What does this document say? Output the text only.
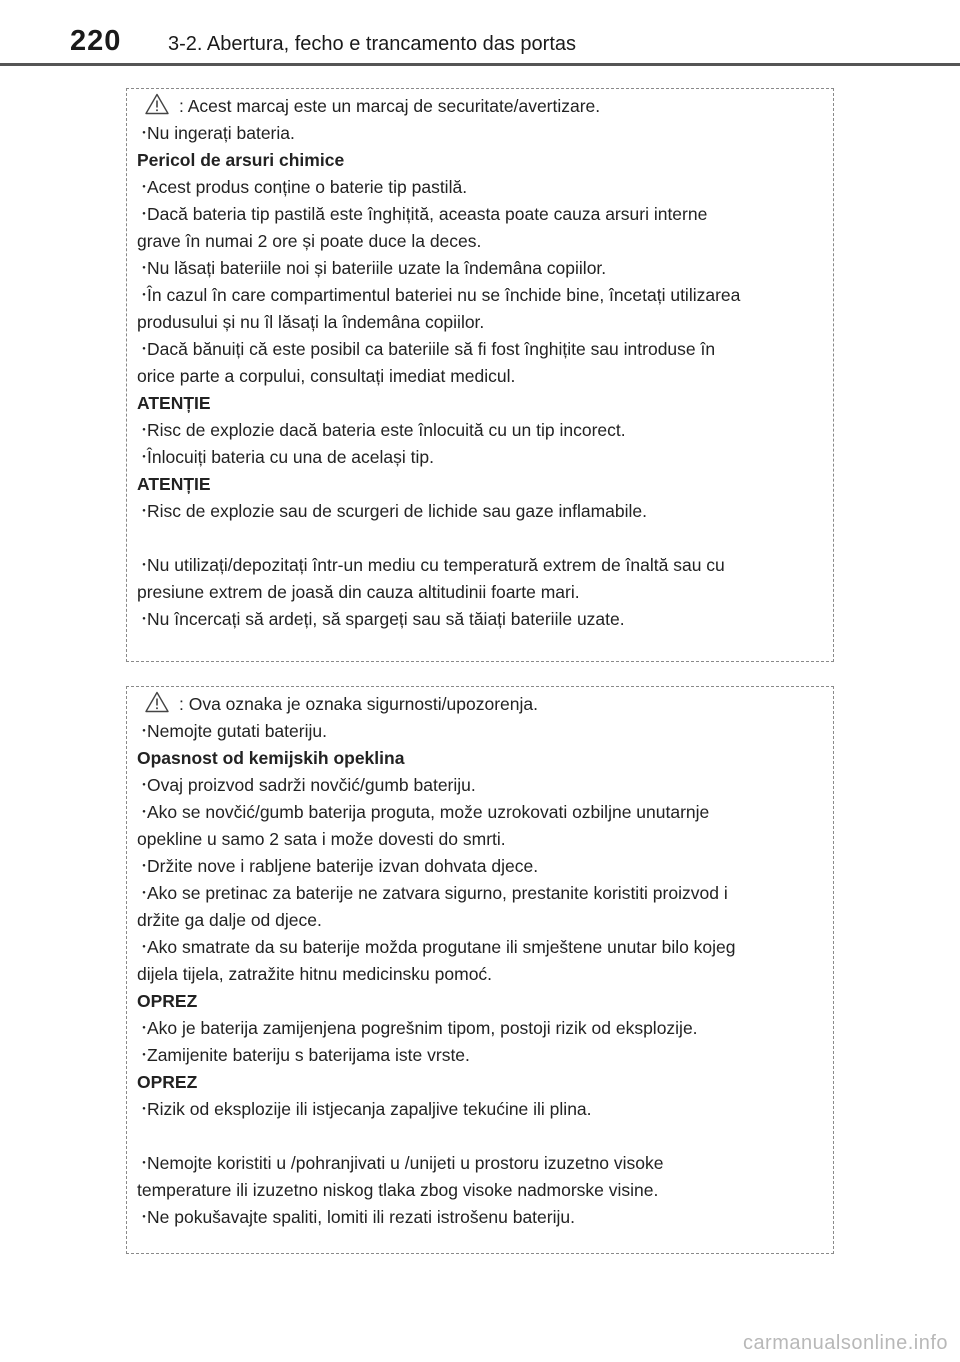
220 3-2. Abertura, fecho e trancamento das portas
: Acest marcaj este un marcaj de securitate/avertizare.
・Nu ingerați bateria.
Pericol de arsuri chimice
・Acest produs conține o baterie tip pastilă.
・Dacă bateria tip pastilă este înghițită, aceasta poate cauza arsuri interne
grave în numai 2 ore și poate duce la deces.
・Nu lăsați bateriile noi și bateriile uzate la îndemâna copiilor.
・În cazul în care compartimentul bateriei nu se închide bine, încetați utilizarea
produsului și nu îl lăsați la îndemâna copiilor.
・Dacă bănuiți că este posibil ca bateriile să fi fost înghițite sau introduse în
orice parte a corpului, consultați imediat medicul.
ATENȚIE
・Risc de explozie dacă bateria este înlocuită cu un tip incorect.
・Înlocuiți bateria cu una de același tip.
ATENȚIE
・Risc de explozie sau de scurgeri de lichide sau gaze inflamabile.
・Nu utilizați/depozitați într-un mediu cu temperatură extrem de înaltă sau cu
presiune extrem de joasă din cauza altitudinii foarte mari.
・Nu încercați să ardeți, să spargeți sau să tăiați bateriile uzate.
: Ova oznaka je oznaka sigurnosti/upozorenja.
・Nemojte gutati bateriju.
Opasnost od kemijskih opeklina
・Ovaj proizvod sadrži novčić/gumb bateriju.
・Ako se novčić/gumb baterija proguta, može uzrokovati ozbiljne unutarnje
opekline u samo 2 sata i može dovesti do smrti.
・Držite nove i rabljene baterije izvan dohvata djece.
・Ako se pretinac za baterije ne zatvara sigurno, prestanite koristiti proizvod i
držite ga dalje od djece.
・Ako smatrate da su baterije možda progutane ili smještene unutar bilo kojeg
dijela tijela, zatražite hitnu medicinsku pomoć.
OPREZ
・Ako je baterija zamijenjena pogrešnim tipom, postoji rizik od eksplozije.
・Zamijenite bateriju s baterijama iste vrste.
OPREZ
・Rizik od eksplozije ili istjecanja zapaljive tekućine ili plina.
・Nemojte koristiti u /pohranjivati u /unijeti u prostoru izuzetno visoke
temperature ili izuzetno niskog tlaka zbog visoke nadmorske visine.
・Ne pokušavajte spaliti, lomiti ili rezati istrošenu bateriju.
carmanualsonline.info
